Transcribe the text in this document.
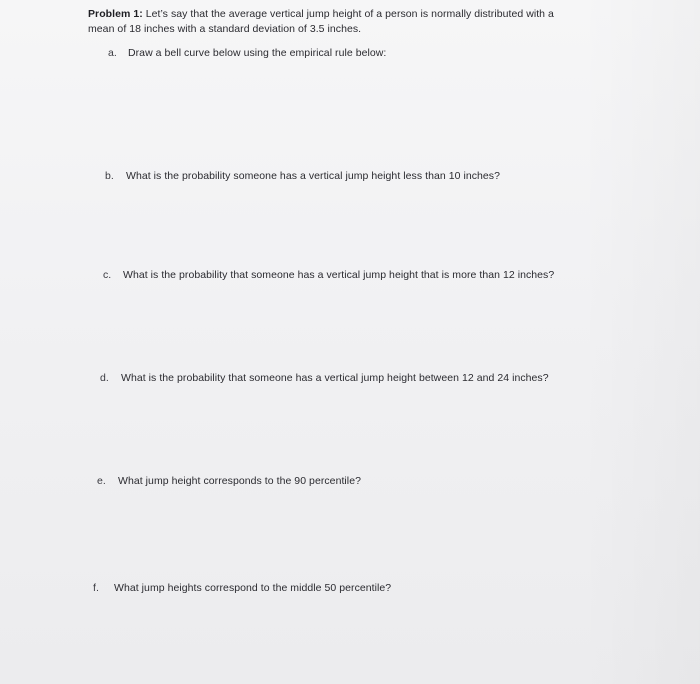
Problem 1: Let’s say that the average vertical jump height of a person is normally distributed with a
mean of 18 inches with a standard deviation of 3.5 inches.
a. Draw a bell curve below using the empirical rule below:
b. What is the probability someone has a vertical jump height less than 10 inches?
c. What is the probability that someone has a vertical jump height that is more than 12 inches?
d. What is the probability that someone has a vertical jump height between 12 and 24 inches?
e. What jump height corresponds to the 90 percentile?
f. What jump heights correspond to the middle 50 percentile?
